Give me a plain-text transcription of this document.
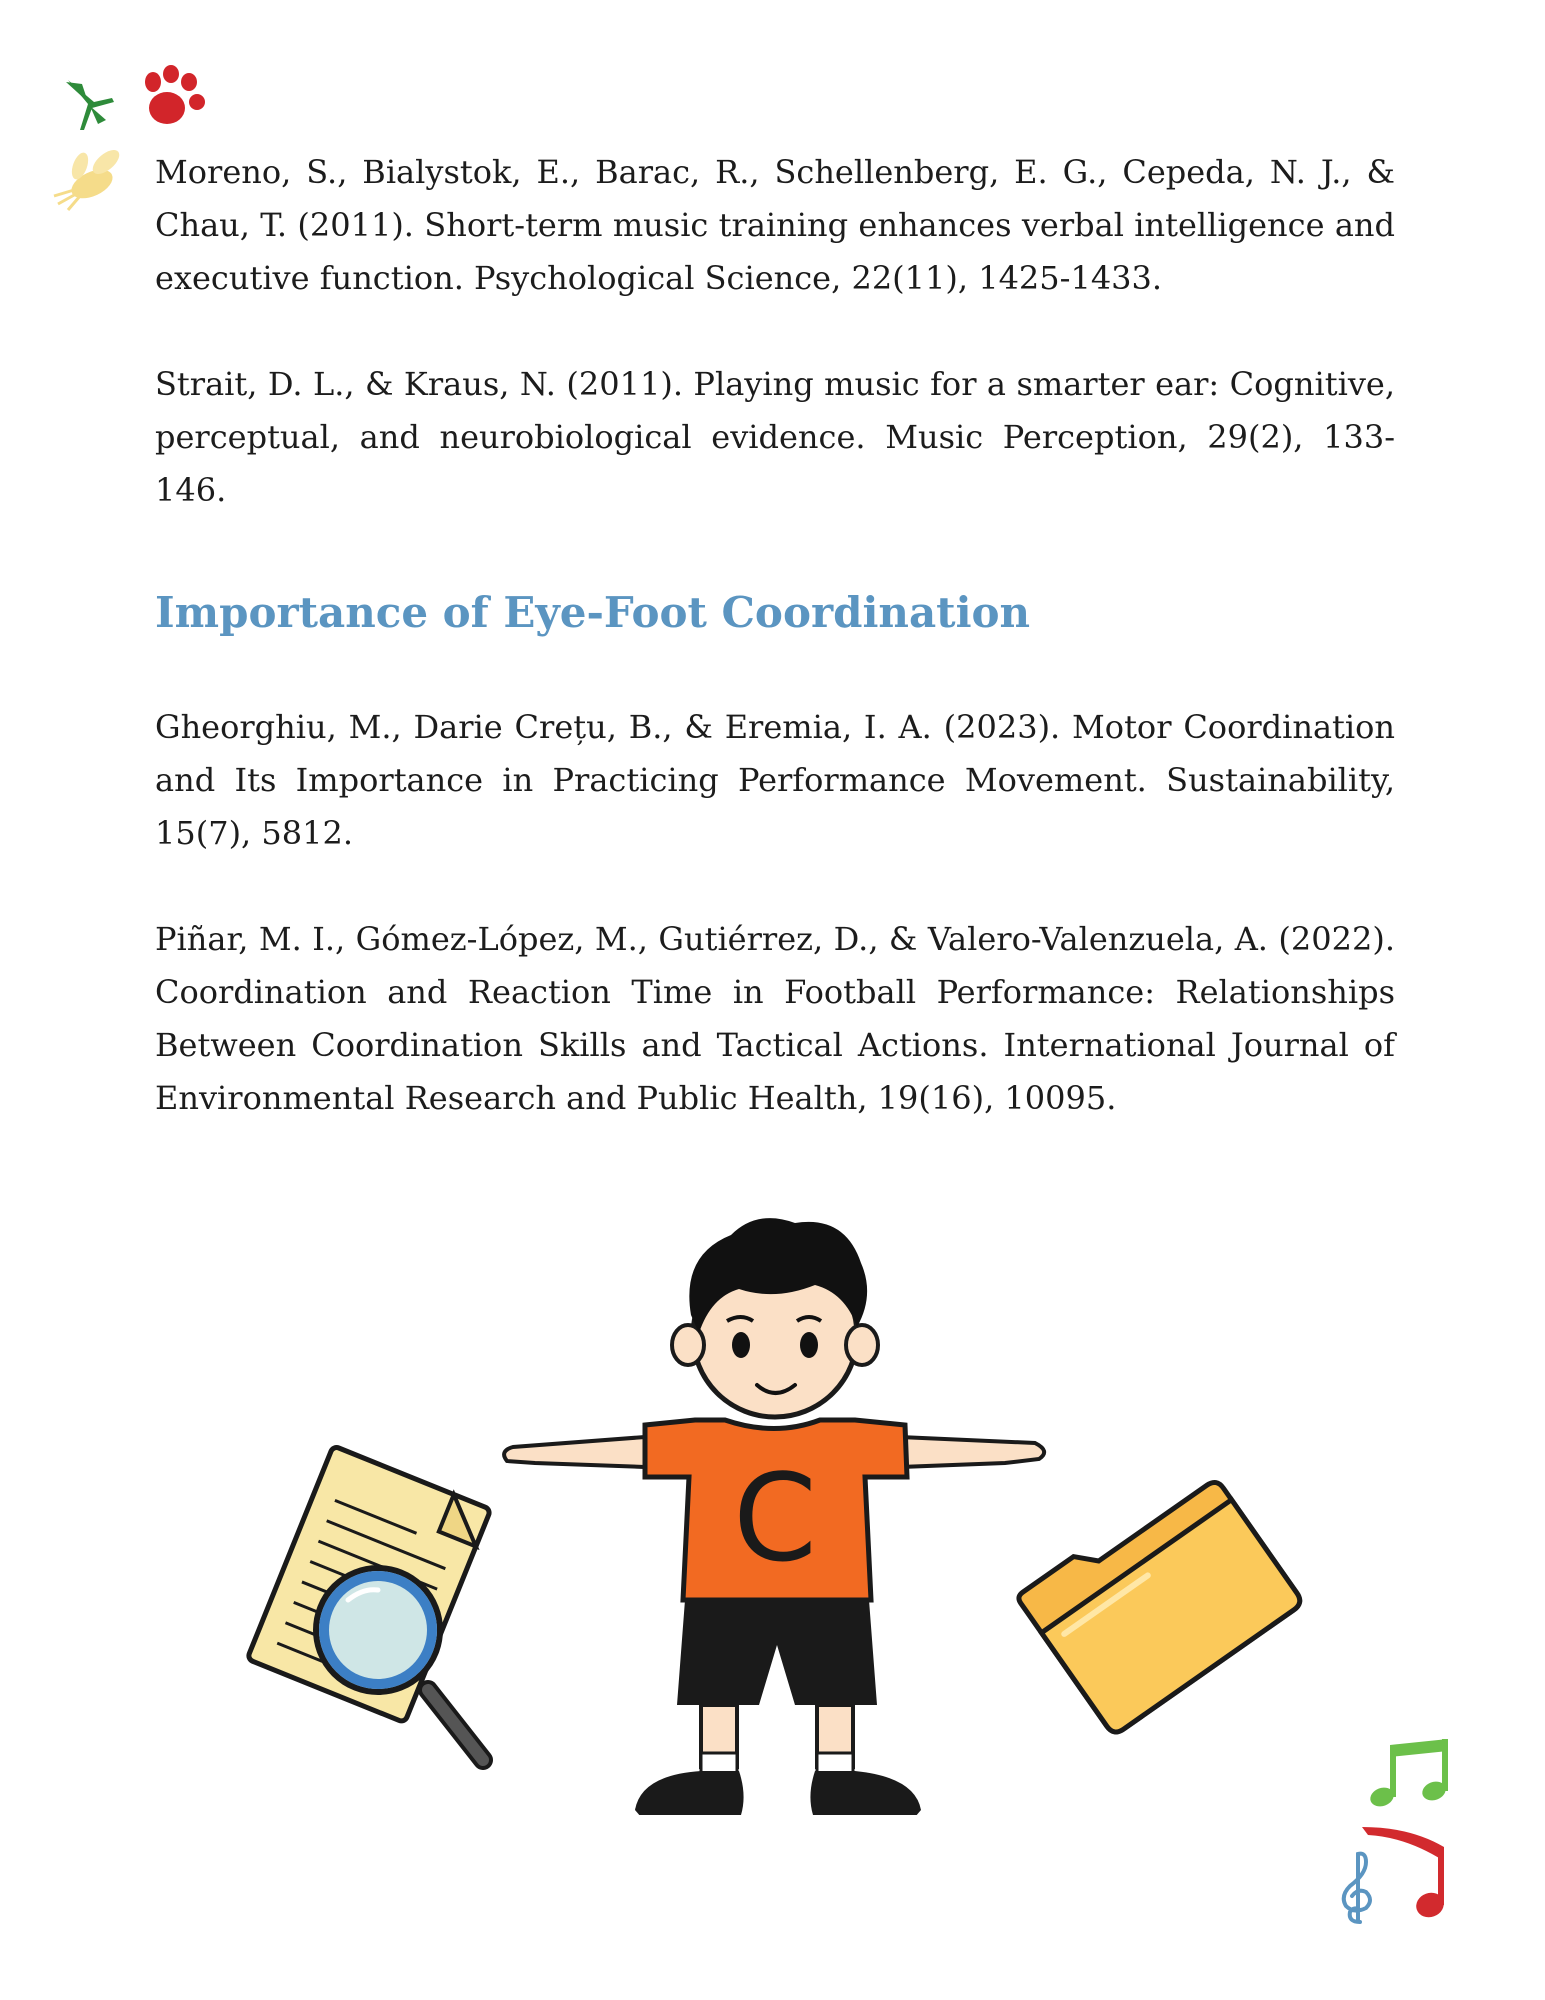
Moreno, S., Bialystok, E., Barac, R., Schellenberg, E. G., Cepeda, N. J., & Chau, T. (2011). Short-term music training enhances verbal intelligence and executive function. Psychological Science, 22(11), 1425-1433.

Strait, D. L., & Kraus, N. (2011). Playing music for a smarter ear: Cognitive, perceptual, and neurobiological evidence. Music Perception, 29(2), 133-146.

Importance of Eye-Foot Coordination

Gheorghiu, M., Darie Crețu, B., & Eremia, I. A. (2023). Motor Coordination and Its Importance in Practicing Performance Movement. Sustainability, 15(7), 5812.

Piñar, M. I., Gómez-López, M., Gutiérrez, D., & Valero-Valenzuela, A. (2022). Coordination and Reaction Time in Football Performance: Relationships Between Coordination Skills and Tactical Actions. International Journal of Environmental Research and Public Health, 19(16), 10095.

C
